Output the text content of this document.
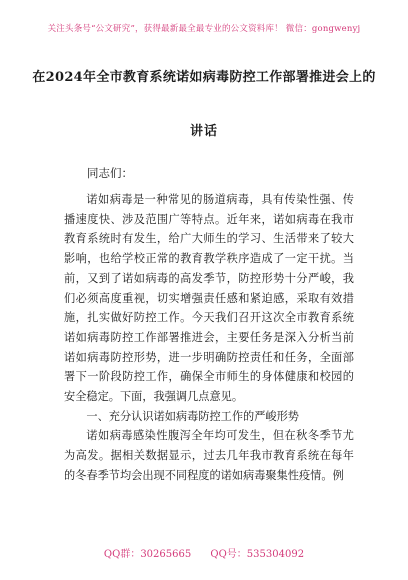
关注头条号“公文研究”，获得最新最全最专业的公文资料库！ 微信：gongwenyj
在2024年全市教育系统诺如病毒防控工作部署推进会上的
讲话
同志们：

诺如病毒是一种常见的肠道病毒，具有传染性强、传播速度快、涉及范围广等特点。近年来，诺如病毒在我市教育系统时有发生，给广大师生的学习、生活带来了较大影响，也给学校正常的教育教学秩序造成了一定干扰。当前，又到了诺如病毒的高发季节，防控形势十分严峻，我们必须高度重视，切实增强责任感和紧迫感，采取有效措施，扎实做好防控工作。今天我们召开这次全市教育系统诺如病毒防控工作部署推进会，主要任务是深入分析当前诺如病毒防控形势，进一步明确防控责任和任务，全面部署下一阶段防控工作，确保全市师生的身体健康和校园的安全稳定。下面，我强调几点意见。

一、充分认识诺如病毒防控工作的严峻形势

诺如病毒感染性腹泻全年均可发生，但在秋冬季节尤为高发。据相关数据显示，过去几年我市教育系统在每年的冬春季节均会出现不同程度的诺如病毒聚集性疫情。例

QQ群：30265665 QQ号：535304092
